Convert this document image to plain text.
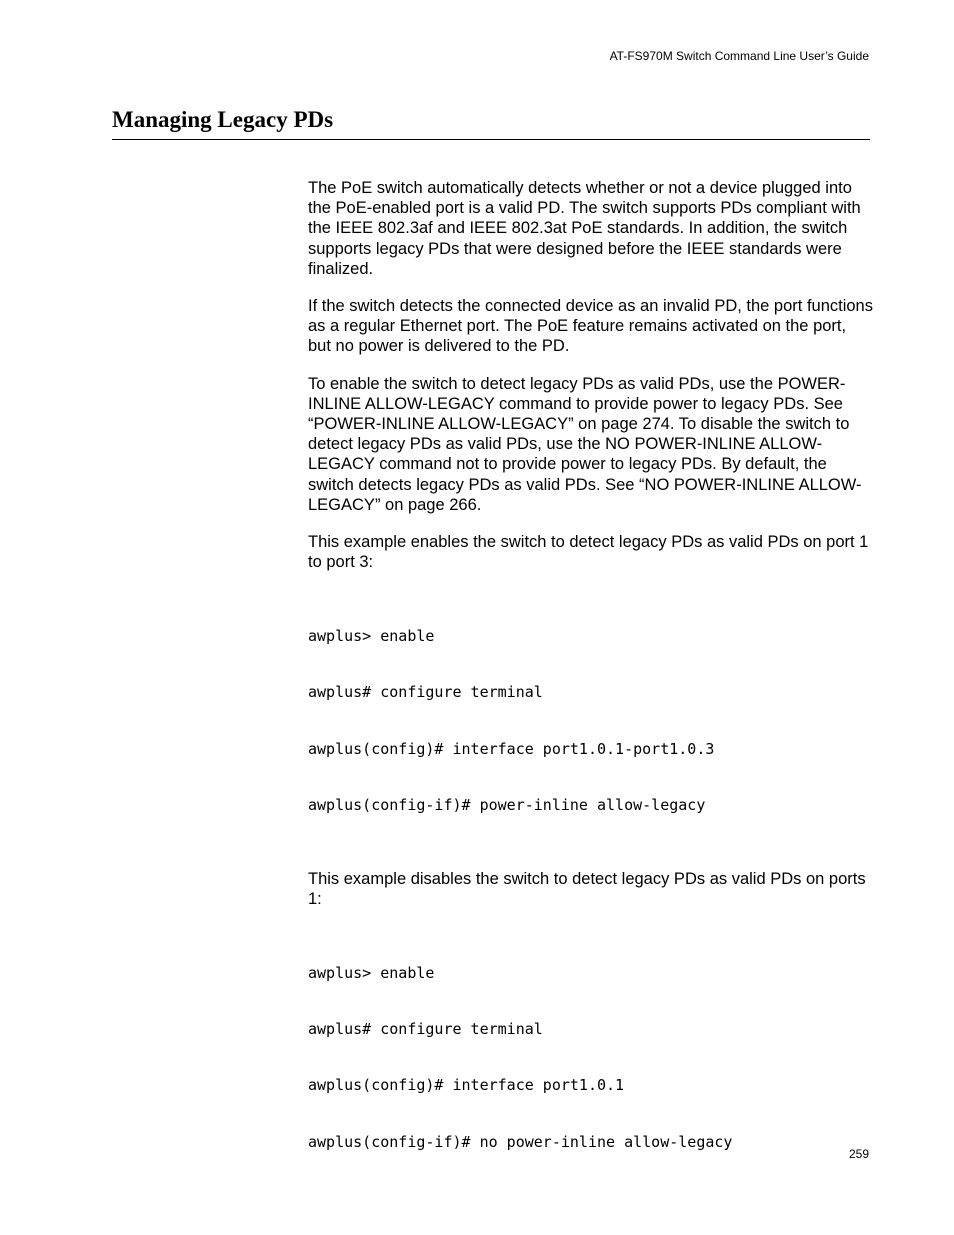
AT-FS970M Switch Command Line User’s Guide
Managing Legacy PDs

The PoE switch automatically detects whether or not a device plugged into the PoE-enabled port is a valid PD. The switch supports PDs compliant with the IEEE 802.3af and IEEE 802.3at PoE standards. In addition, the switch supports legacy PDs that were designed before the IEEE standards were finalized.

If the switch detects the connected device as an invalid PD, the port functions as a regular Ethernet port. The PoE feature remains activated on the port, but no power is delivered to the PD.

To enable the switch to detect legacy PDs as valid PDs, use the POWER-INLINE ALLOW-LEGACY command to provide power to legacy PDs. See “POWER-INLINE ALLOW-LEGACY” on page 274. To disable the switch to detect legacy PDs as valid PDs, use the NO POWER-INLINE ALLOW-LEGACY command not to provide power to legacy PDs. By default, the switch detects legacy PDs as valid PDs. See “NO POWER-INLINE ALLOW-LEGACY” on page 266.

This example enables the switch to detect legacy PDs as valid PDs on port 1 to port 3:

awplus> enable

awplus# configure terminal

awplus(config)# interface port1.0.1-port1.0.3

awplus(config-if)# power-inline allow-legacy

This example disables the switch to detect legacy PDs as valid PDs on ports 1:

awplus> enable

awplus# configure terminal

awplus(config)# interface port1.0.1

awplus(config-if)# no power-inline allow-legacy

259
